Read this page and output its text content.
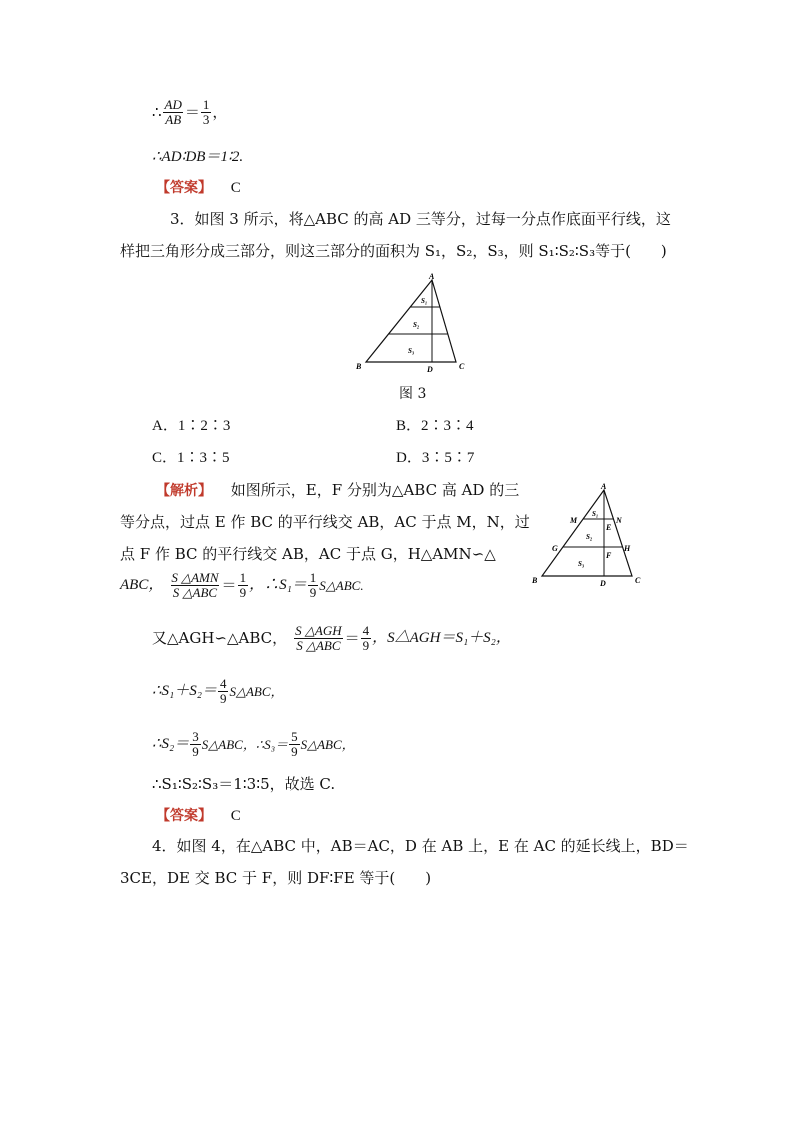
∴ $\frac{AD}{AB} = \frac{1}{3}$ ，
∴AD∶DB＝1∶2.
【答案】 C
3．如图 3 所示，将△ABC 的高 AD 三等分，过每一分点作底面平行线，这
样把三角形分成三部分，则这三部分的面积为 S₁，S₂，S₃，则 S₁∶S₂∶S₃等于(　　)
A
B	C
D
S₁
S₂
S₃
图 3
A．1∶2∶3	B．2∶3∶4
C．1∶3∶5	D．3∶5∶7
【解析】 如图所示，E，F 分别为△ABC 高 AD 的三
等分点，过点 E 作 BC 的平行线交 AB，AC 于点 M，N，过
点 F 作 BC 的平行线交 AB，AC 于点 G，H△AMN∽△
ABC， $\frac{\text{S △AMN}}{\text{S △ABC}} = \frac{1}{9}$ ，∴S₁＝ $\frac{1}{9}$ S△ABC.
又△AGH∽△ABC， $\frac{\text{S △AGH}}{\text{S △ABC}} = \frac{4}{9}$ ，S△AGH＝S₁＋S₂，
∴S₁＋S₂＝ $\frac{4}{9}$ S△ABC，
∴S₂＝ $\frac{3}{9}$ S△ABC，∴S₃＝ $\frac{5}{9}$ S△ABC，
∴S₁∶S₂∶S₃＝1∶3∶5，故选 C.
A
B	C
D
M	N
G	H
E
F
S₁
S₂
S₃
【答案】 C
4．如图 4，在△ABC 中，AB＝AC，D 在 AB 上，E 在 AC 的延长线上，BD＝
3CE，DE 交 BC 于 F，则 DF∶FE 等于(　　)
